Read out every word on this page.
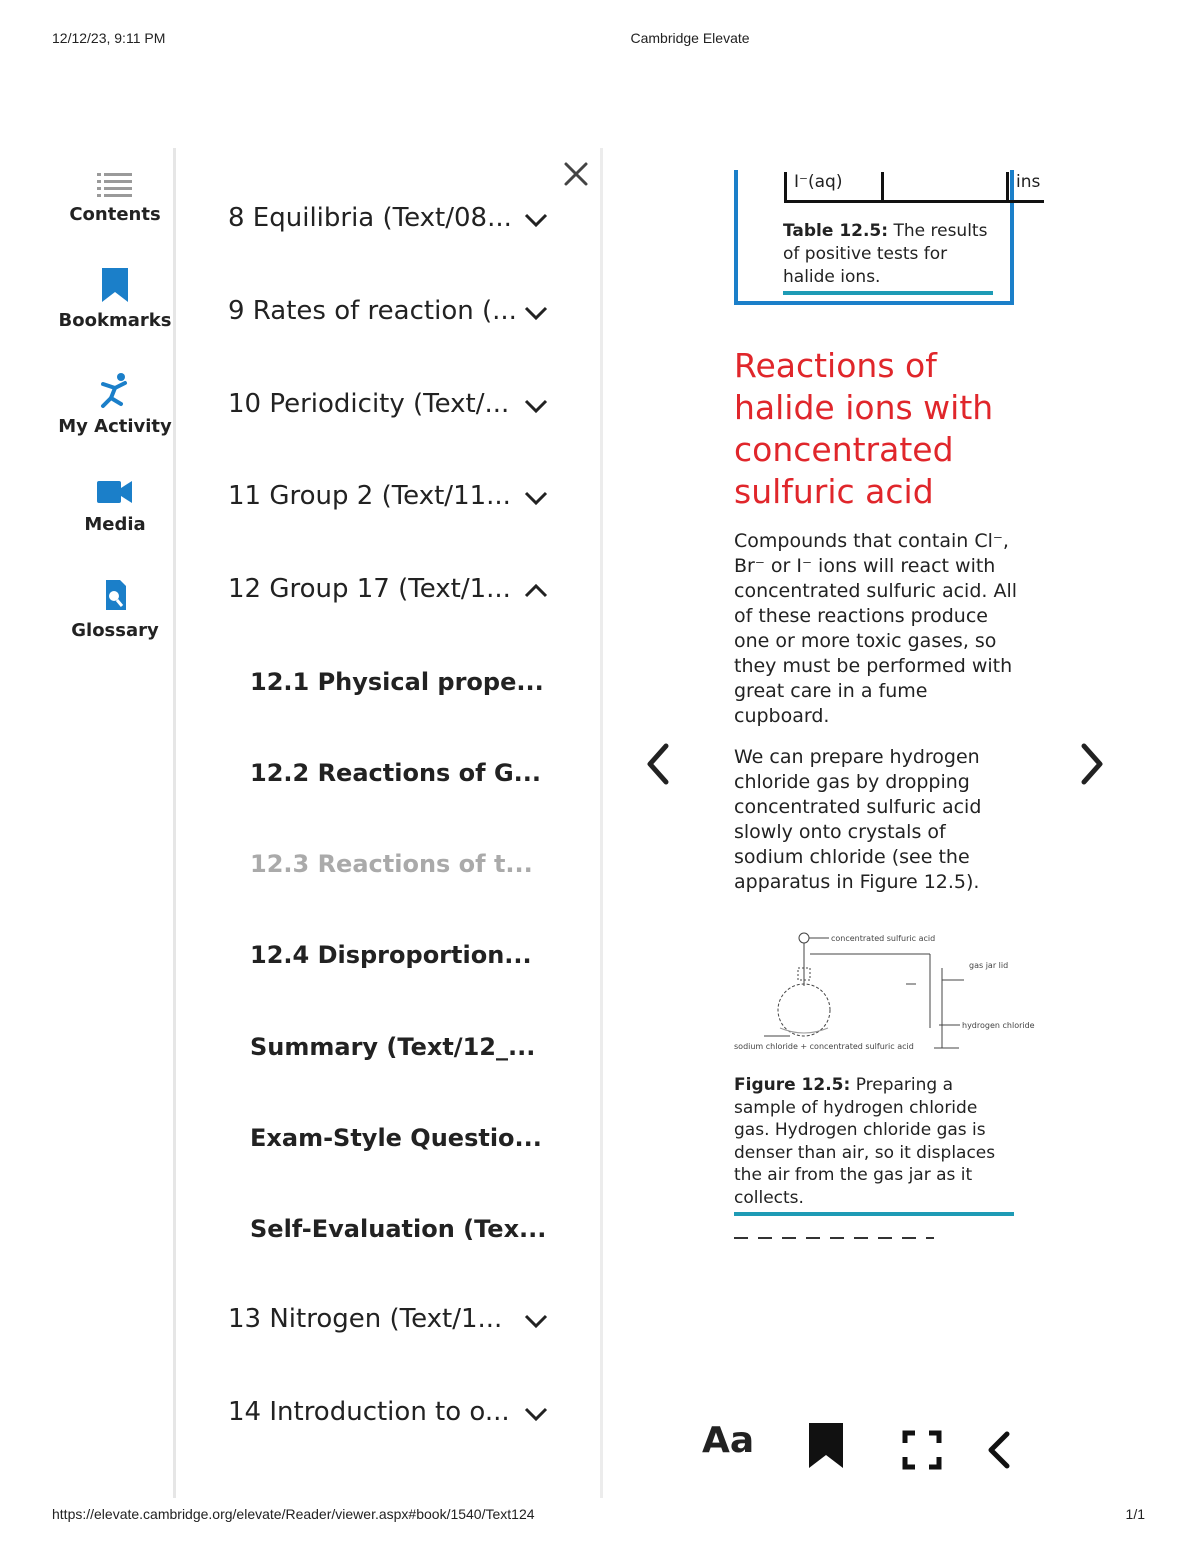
12/12/23, 9:11 PM	Cambridge Elevate
https://elevate.cambridge.org/elevate/Reader/viewer.aspx#book/1540/Text124	1/1
Contents
Bookmarks
My Activity
Media
Glossary
8 Equilibria (Text/08...
9 Rates of reaction (...
10 Periodicity (Text/...
11 Group 2 (Text/11...
12 Group 17 (Text/1...
12.1 Physical prope...
12.2 Reactions of G...
12.3 Reactions of t...
12.4 Disproportion...
Summary (Text/12_...
Exam-Style Questio...
Self-Evaluation (Tex...
13 Nitrogen (Text/1...
14 Introduction to o...
I⁻(aq)	ins
Table 12.5: The results of positive tests for halide ions.
Reactions of halide ions with concentrated sulfuric acid
Compounds that contain Cl⁻, Br⁻ or I⁻ ions will react with concentrated sulfuric acid. All of these reactions produce one or more toxic gases, so they must be performed with great care in a fume cupboard.
We can prepare hydrogen chloride gas by dropping concentrated sulfuric acid slowly onto crystals of sodium chloride (see the apparatus in Figure 12.5).
concentrated sulfuric acid
gas jar lid
hydrogen chloride
sodium chloride + concentrated sulfuric acid
Figure 12.5: Preparing a sample of hydrogen chloride gas. Hydrogen chloride gas is denser than air, so it displaces the air from the gas jar as it collects.
Aa
